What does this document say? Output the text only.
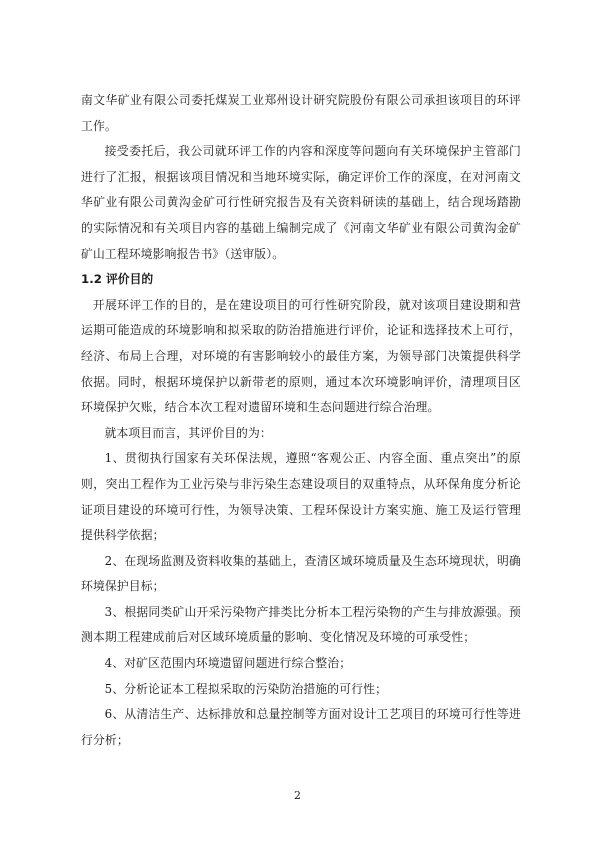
南文华矿业有限公司委托煤炭工业郑州设计研究院股份有限公司承担该项目的环评工作。

接受委托后，我公司就环评工作的内容和深度等问题向有关环境保护主管部门进行了汇报，根据该项目情况和当地环境实际，确定评价工作的深度，在对河南文华矿业有限公司黄沟金矿可行性研究报告及有关资料研读的基础上，结合现场踏勘的实际情况和有关项目内容的基础上编制完成了《河南文华矿业有限公司黄沟金矿矿山工程环境影响报告书》（送审版）。

1.2 评价目的

开展环评工作的目的，是在建设项目的可行性研究阶段，就对该项目建设期和营运期可能造成的环境影响和拟采取的防治措施进行评价，论证和选择技术上可行，经济、布局上合理，对环境的有害影响较小的最佳方案，为领导部门决策提供科学依据。同时，根据环境保护以新带老的原则，通过本次环境影响评价，清理项目区环境保护欠账，结合本次工程对遗留环境和生态问题进行综合治理。

就本项目而言，其评价目的为：

1、贯彻执行国家有关环保法规，遵照“客观公正、内容全面、重点突出”的原则，突出工程作为工业污染与非污染生态建设项目的双重特点，从环保角度分析论证项目建设的环境可行性，为领导决策、工程环保设计方案实施、施工及运行管理提供科学依据；

2、在现场监测及资料收集的基础上，查清区域环境质量及生态环境现状，明确环境保护目标；

3、根据同类矿山开采污染物产排类比分析本工程污染物的产生与排放源强。预测本期工程建成前后对区域环境质量的影响、变化情况及环境的可承受性；

4、对矿区范围内环境遗留问题进行综合整治；

5、分析论证本工程拟采取的污染防治措施的可行性；

6、从清洁生产、达标排放和总量控制等方面对设计工艺项目的环境可行性等进行分析；

2
